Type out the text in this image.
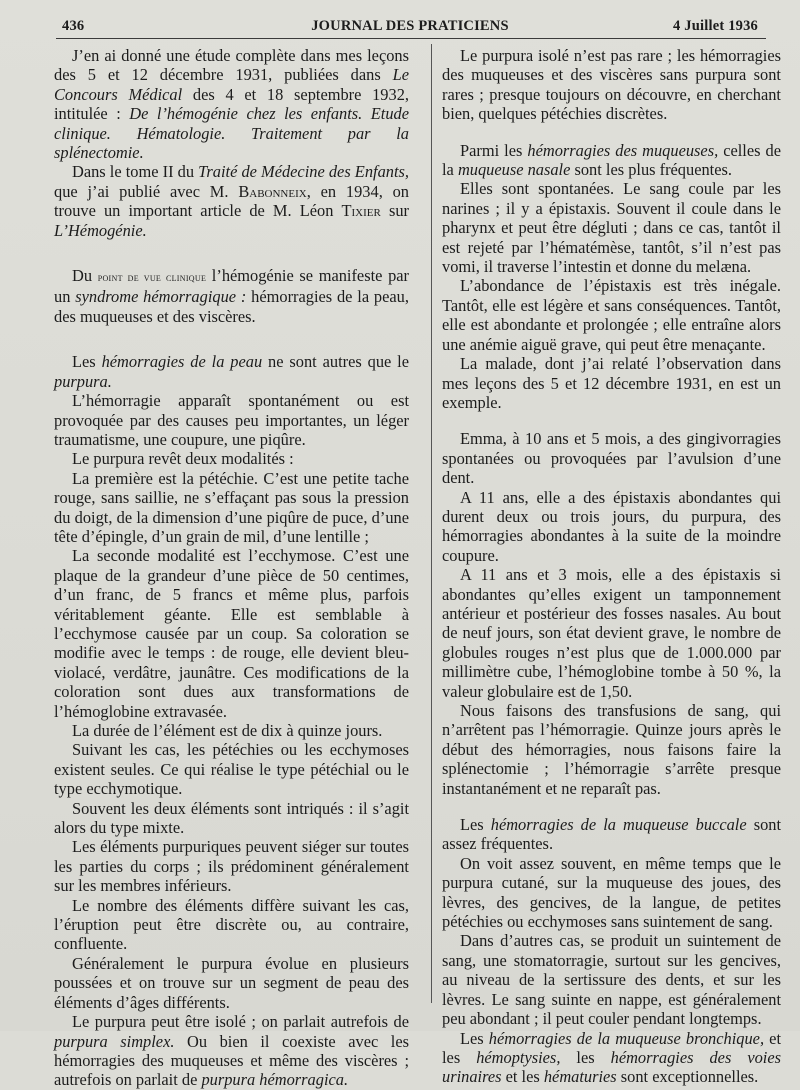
436	JOURNAL DES PRATICIENS	4 Juillet 1936

J’en ai donné une étude complète dans mes leçons des 5 et 12 décembre 1931, publiées dans Le Concours Médical des 4 et 18 septembre 1932, intitulée : De l’hémogénie chez les enfants. Etude clinique. Hématologie. Traitement par la splénectomie.

Dans le tome II du Traité de Médecine des Enfants, que j’ai publié avec M. Babonneix, en 1934, on trouve un important article de M. Léon Tixier sur L’Hémogénie.

Du point de vue clinique l’hémogénie se manifeste par un syndrome hémorragique : hémorragies de la peau, des muqueuses et des viscères.

Les hémorragies de la peau ne sont autres que le purpura.

L’hémorragie apparaît spontanément ou est provoquée par des causes peu importantes, un léger traumatisme, une coupure, une piqûre.

Le purpura revêt deux modalités :

La première est la pétéchie. C’est une petite tache rouge, sans saillie, ne s’effaçant pas sous la pression du doigt, de la dimension d’une piqûre de puce, d’une tête d’épingle, d’un grain de mil, d’une lentille ;

La seconde modalité est l’ecchymose. C’est une plaque de la grandeur d’une pièce de 50 centimes, d’un franc, de 5 francs et même plus, parfois véritablement géante. Elle est semblable à l’ecchymose causée par un coup. Sa coloration se modifie avec le temps : de rouge, elle devient bleu-violacé, verdâtre, jaunâtre. Ces modifications de la coloration sont dues aux transformations de l’hémoglobine extravasée.

La durée de l’élément est de dix à quinze jours.

Suivant les cas, les pétéchies ou les ecchymoses existent seules. Ce qui réalise le type pétéchial ou le type ecchymotique.

Souvent les deux éléments sont intriqués : il s’agit alors du type mixte.

Les éléments purpuriques peuvent siéger sur toutes les parties du corps ; ils prédominent généralement sur les membres inférieurs.

Le nombre des éléments diffère suivant les cas, l’éruption peut être discrète ou, au contraire, confluente.

Généralement le purpura évolue en plusieurs poussées et on trouve sur un segment de peau des éléments d’âges différents.

Le purpura peut être isolé ; on parlait autrefois de purpura simplex. Ou bien il coexiste avec les hémorragies des muqueuses et même des viscères ; autrefois on parlait de purpura hémorragica.

Le purpura isolé n’est pas rare ; les hémorragies des muqueuses et des viscères sans purpura sont rares ; presque toujours on découvre, en cherchant bien, quelques pétéchies discrètes.

Parmi les hémorragies des muqueuses, celles de la muqueuse nasale sont les plus fréquentes.

Elles sont spontanées. Le sang coule par les narines ; il y a épistaxis. Souvent il coule dans le pharynx et peut être dégluti ; dans ce cas, tantôt il est rejeté par l’hématémèse, tantôt, s’il n’est pas vomi, il traverse l’intestin et donne du melæna.

L’abondance de l’épistaxis est très inégale. Tantôt, elle est légère et sans conséquences. Tantôt, elle est abondante et prolongée ; elle entraîne alors une anémie aiguë grave, qui peut être menaçante.

La malade, dont j’ai relaté l’observation dans mes leçons des 5 et 12 décembre 1931, en est un exemple.

Emma, à 10 ans et 5 mois, a des gingivorragies spontanées ou provoquées par l’avulsion d’une dent.

A 11 ans, elle a des épistaxis abondantes qui durent deux ou trois jours, du purpura, des hémorragies abondantes à la suite de la moindre coupure.

A 11 ans et 3 mois, elle a des épistaxis si abondantes qu’elles exigent un tamponnement antérieur et postérieur des fosses nasales. Au bout de neuf jours, son état devient grave, le nombre de globules rouges n’est plus que de 1.000.000 par millimètre cube, l’hémoglobine tombe à 50 %, la valeur globulaire est de 1,50.

Nous faisons des transfusions de sang, qui n’arrêtent pas l’hémorragie. Quinze jours après le début des hémorragies, nous faisons faire la splénectomie ; l’hémorragie s’arrête presque instantanément et ne reparaît pas.

Les hémorragies de la muqueuse buccale sont assez fréquentes.

On voit assez souvent, en même temps que le purpura cutané, sur la muqueuse des joues, des lèvres, des gencives, de la langue, de petites pétéchies ou ecchymoses sans suintement de sang.

Dans d’autres cas, se produit un suintement de sang, une stomatorragie, surtout sur les gencives, au niveau de la sertissure des dents, et sur les lèvres. Le sang suinte en nappe, est généralement peu abondant ; il peut couler pendant longtemps.

Les hémorragies de la muqueuse bronchique, et les hémoptysies, les hémorragies des voies urinaires et les hématuries sont exceptionnelles.
